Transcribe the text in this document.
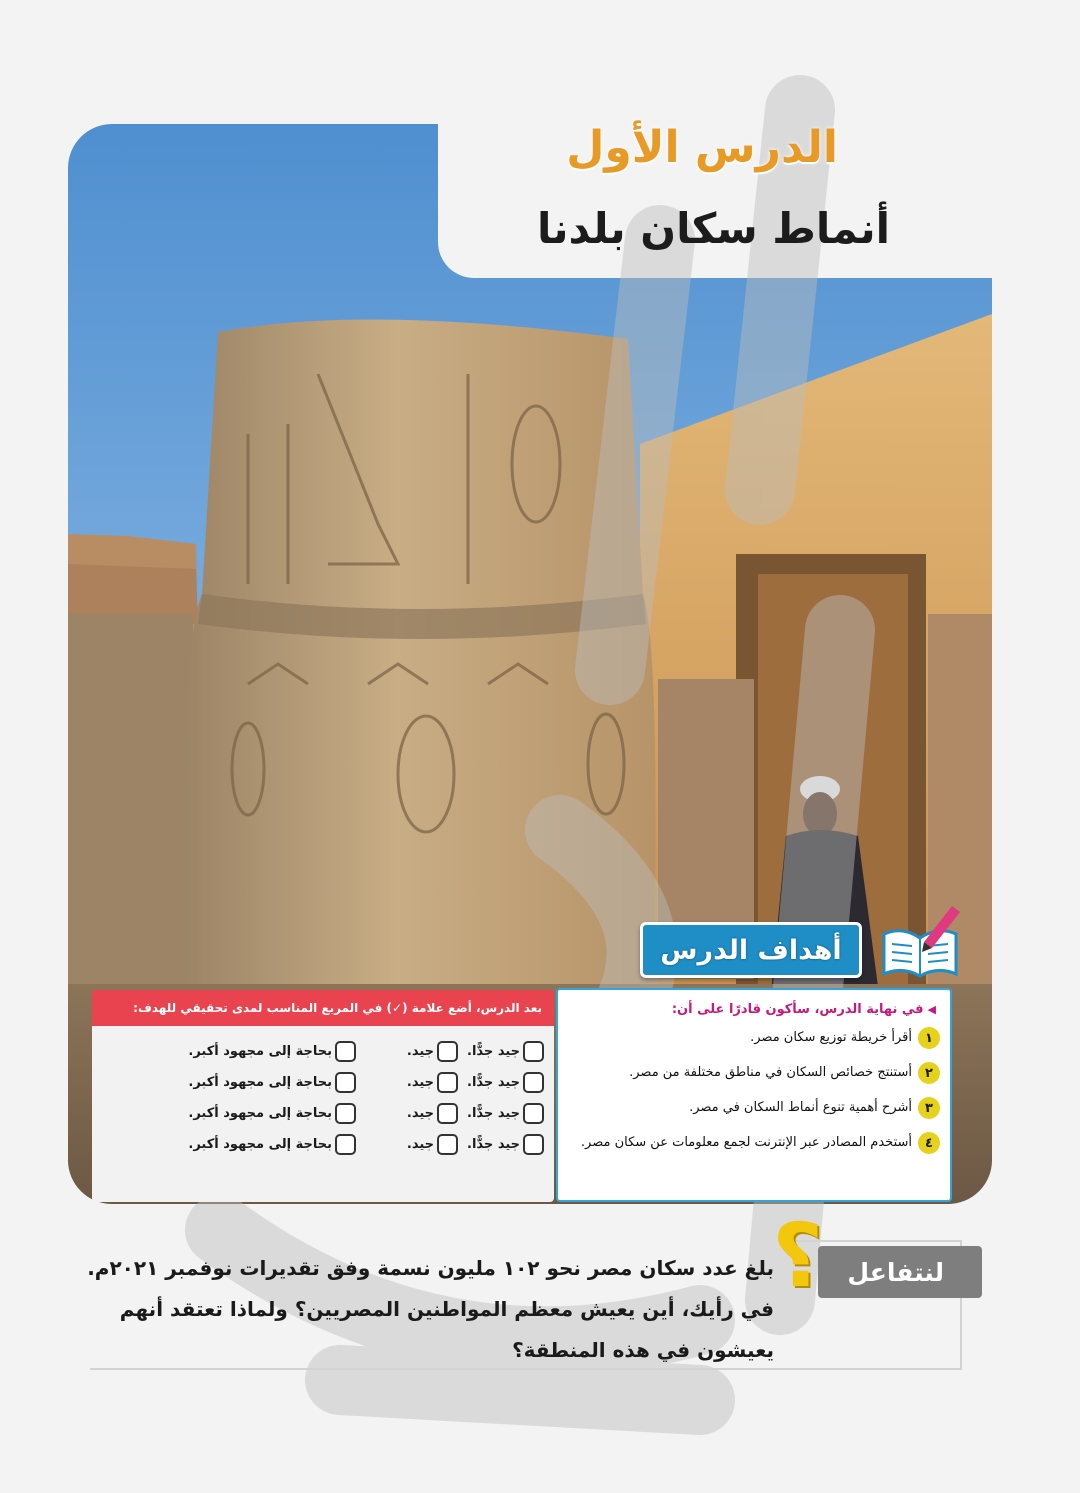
الدرس الأول
أنماط سكان بلدنا
أهداف الدرس
◀في نهاية الدرس، سأكون قادرًا على أن:
١
أقرأ خريطة توزيع سكان مصر.
٢
أستنتج خصائص السكان في مناطق مختلفة من مصر.
٣
أشرح أهمية تنوع أنماط السكان في مصر.
٤
أستخدم المصادر عبر الإنترنت لجمع معلومات عن سكان مصر.
بعد الدرس، أضع علامة (✓) في المربع المناسب لمدى تحقيقي للهدف:
جيد جدًّا.
جيد.
بحاجة إلى مجهود أكبر.
جيد جدًّا.
جيد.
بحاجة إلى مجهود أكبر.
جيد جدًّا.
جيد.
بحاجة إلى مجهود أكبر.
جيد جدًّا.
جيد.
بحاجة إلى مجهود أكبر.
لنتفاعل
؟
بلغ عدد سكان مصر نحو ١٠٢ مليون نسمة وفق تقديرات نوفمبر ٢٠٢١م. في رأيك، أين يعيش معظم المواطنين المصريين؟ ولماذا تعتقد أنهم يعيشون في هذه المنطقة؟
